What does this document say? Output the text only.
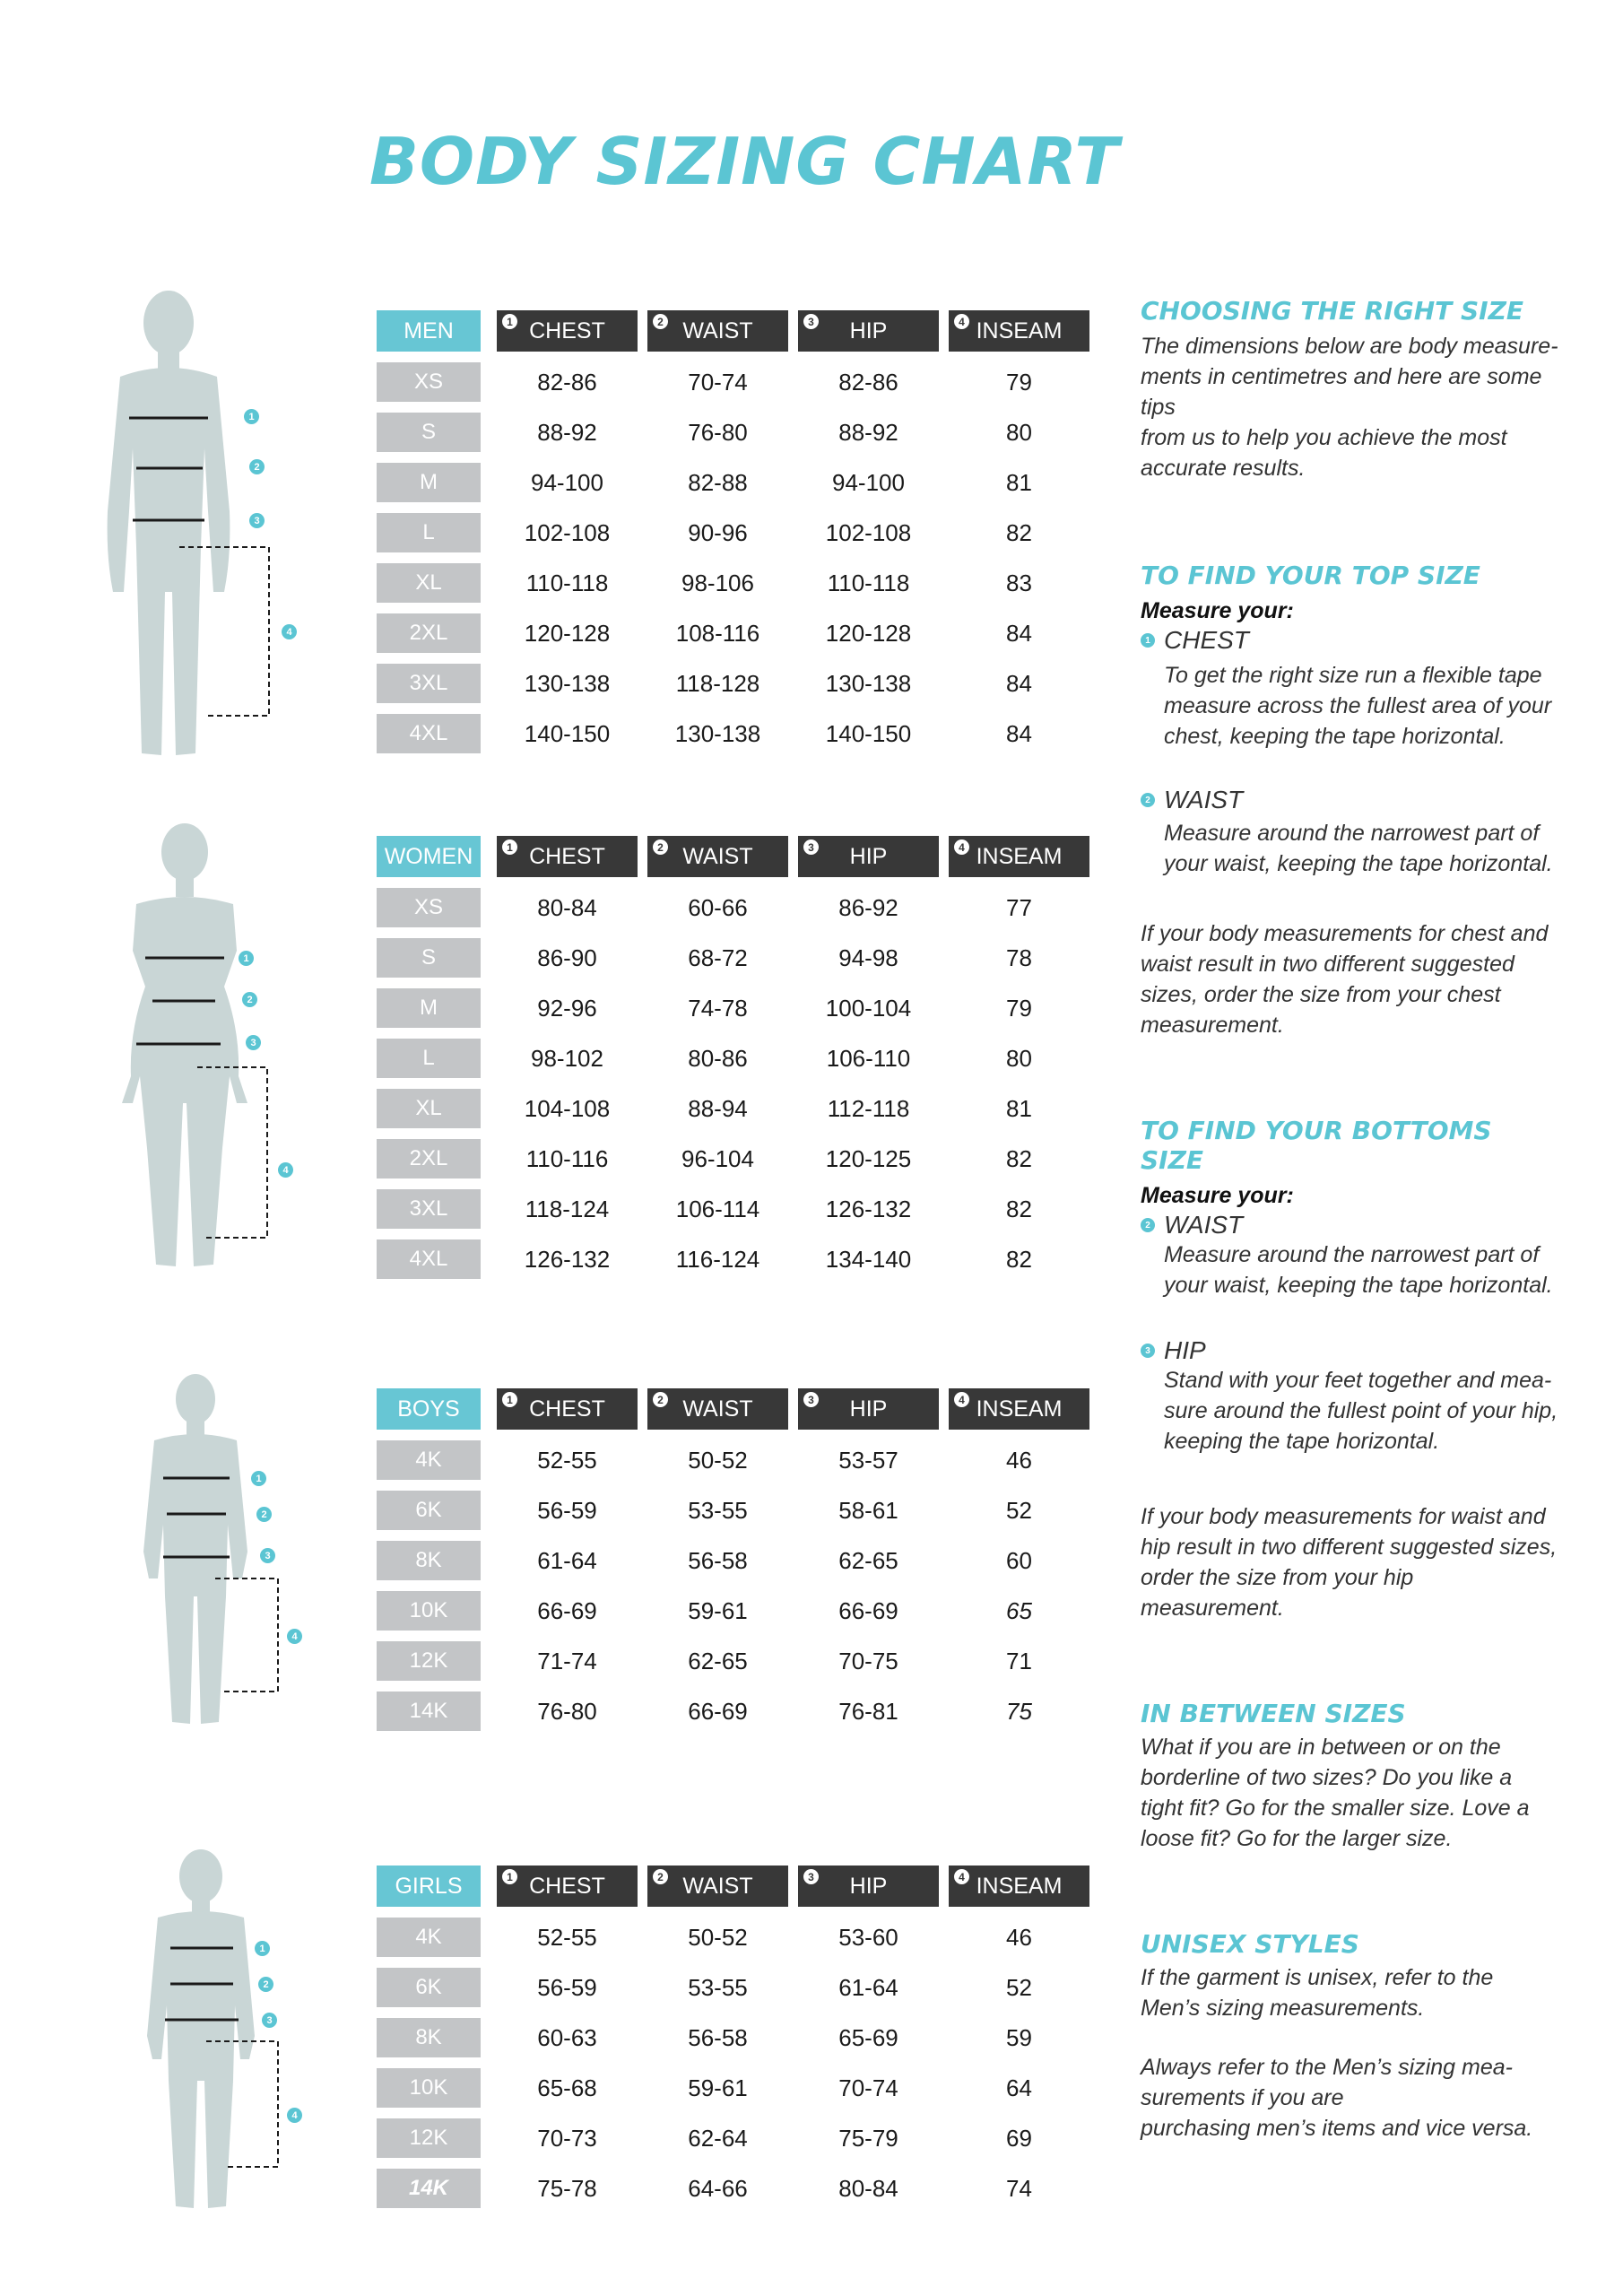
BODY SIZING CHART
1
2
3
4
1
2
3
4
1
2
3
4
1
2
3
4
MEN	1 CHEST	2 WAIST	3 HIP	4 INSEAM
XS	82-86	70-74	82-86	79
S	88-92	76-80	88-92	80
M	94-100	82-88	94-100	81
L	102-108	90-96	102-108	82
XL	110-118	98-106	110-118	83
2XL	120-128	108-116	120-128	84
3XL	130-138	118-128	130-138	84
4XL	140-150	130-138	140-150	84
WOMEN	1 CHEST	2 WAIST	3 HIP	4 INSEAM
XS	80-84	60-66	86-92	77
S	86-90	68-72	94-98	78
M	92-96	74-78	100-104	79
L	98-102	80-86	106-110	80
XL	104-108	88-94	112-118	81
2XL	110-116	96-104	120-125	82
3XL	118-124	106-114	126-132	82
4XL	126-132	116-124	134-140	82
BOYS	1 CHEST	2 WAIST	3 HIP	4 INSEAM
4K	52-55	50-52	53-57	46
6K	56-59	53-55	58-61	52
8K	61-64	56-58	62-65	60
10K	66-69	59-61	66-69	65
12K	71-74	62-65	70-75	71
14K	76-80	66-69	76-81	75
GIRLS	1 CHEST	2 WAIST	3 HIP	4 INSEAM
4K	52-55	50-52	53-60	46
6K	56-59	53-55	61-64	52
8K	60-63	56-58	65-69	59
10K	65-68	59-61	70-74	64
12K	70-73	62-64	75-79	69
14K	75-78	64-66	80-84	74
CHOOSING THE RIGHT SIZE
The dimensions below are body measure-
ments in centimetres and here are some tips
from us to help you achieve the most
accurate results.
TO FIND YOUR TOP SIZE
Measure your:
1 CHEST
To get the right size run a flexible tape
measure across the fullest area of your
chest, keeping the tape horizontal.
2 WAIST
Measure around the narrowest part of
your waist, keeping the tape horizontal.
If your body measurements for chest and
waist result in two different suggested
sizes, order the size from your chest
measurement.
TO FIND YOUR BOTTOMS SIZE
Measure your:
2 WAIST
Measure around the narrowest part of
your waist, keeping the tape horizontal.
3 HIP
Stand with your feet together and mea-
sure around the fullest point of your hip,
keeping the tape horizontal.
If your body measurements for waist and
hip result in two different suggested sizes,
order the size from your hip
measurement.
IN BETWEEN SIZES
What if you are in between or on the
borderline of two sizes? Do you like a
tight fit? Go for the smaller size. Love a
loose fit? Go for the larger size.
UNISEX STYLES
If the garment is unisex, refer to the
Men’s sizing measurements.
Always refer to the Men’s sizing mea-
surements if you are
purchasing men’s items and vice versa.
